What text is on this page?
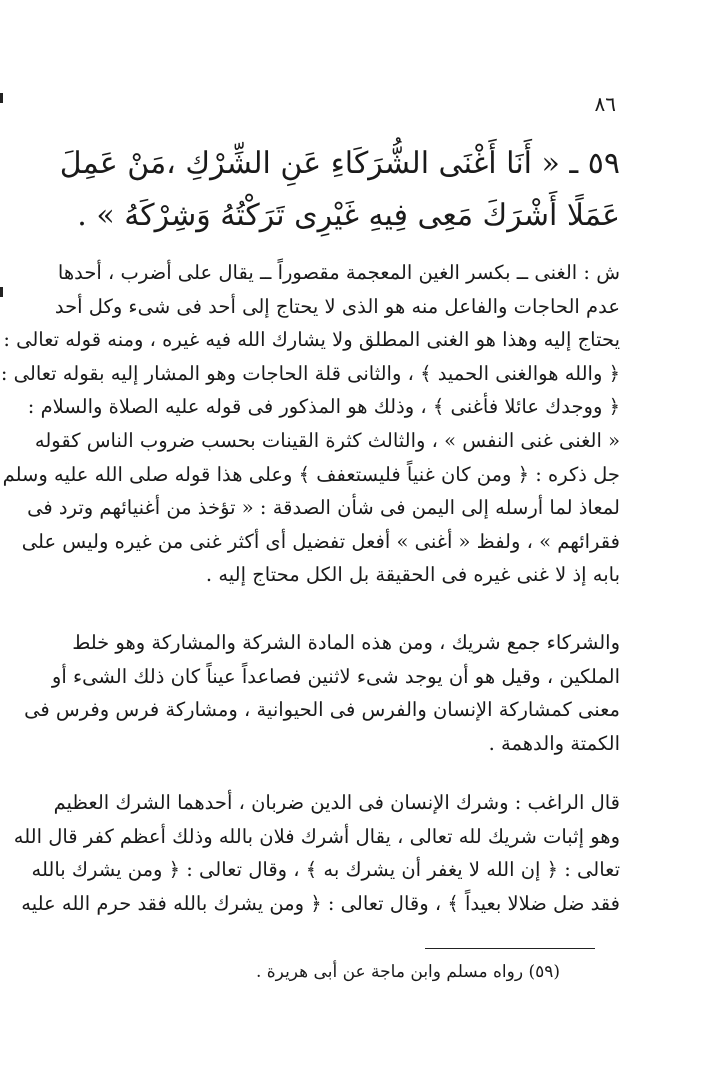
٨٦
٥٩ ـ « أَنَا أَغْنَى الشُّرَكَاءِ عَنِ الشِّرْكِ ،مَنْ عَمِلَ
عَمَلًا أَشْرَكَ مَعِى فِيهِ غَيْرِى تَرَكْتُهُ وَشِرْكَهُ » .
ش : الغنى ــ بكسر الغين المعجمة مقصوراً ــ يقال على أضرب ، أحدها
عدم الحاجات والفاعل منه هو الذى لا يحتاج إلى أحد فى شىء وكل أحد
يحتاج إليه وهذا هو الغنى المطلق ولا يشارك الله فيه غيره ، ومنه قوله تعالى :
﴿ والله هوالغنى الحميد ﴾ ، والثانى قلة الحاجات وهو المشار إليه بقوله تعالى :
﴿ ووجدك عائلا فأغنى ﴾ ، وذلك هو المذكور فى قوله عليه الصلاة والسلام :
« الغنى غنى النفس » ، والثالث كثرة القينات بحسب ضروب الناس كقوله
جل ذكره : ﴿ ومن كان غنياً فليستعفف ﴾ وعلى هذا قوله صلى الله عليه وسلم
لمعاذ لما أرسله إلى اليمن فى شأن الصدقة : « تؤخذ من أغنيائهم وترد فى
فقرائهم » ، ولفظ « أغنى » أفعل تفضيل أى أكثر غنى من غيره وليس على
بابه إذ لا غنى غيره فى الحقيقة بل الكل محتاج إليه .
والشركاء جمع شريك ، ومن هذه المادة الشركة والمشاركة وهو خلط
الملكين ، وقيل هو أن يوجد شىء لاثنين فصاعداً عيناً كان ذلك الشىء أو
معنى كمشاركة الإنسان والفرس فى الحيوانية ، ومشاركة فرس وفرس فى
الكمتة والدهمة .
قال الراغب : وشرك الإنسان فى الدين ضربان ، أحدهما الشرك العظيم
وهو إثبات شريك لله تعالى ، يقال أشرك فلان بالله وذلك أعظم كفر قال الله
تعالى : ﴿ إن الله لا يغفر أن يشرك به ﴾ ، وقال تعالى : ﴿ ومن يشرك بالله
فقد ضل ضلالا بعيداً ﴾ ، وقال تعالى : ﴿ ومن يشرك بالله فقد حرم الله عليه
(٥٩) رواه مسلم وابن ماجة عن أبى هريرة .
